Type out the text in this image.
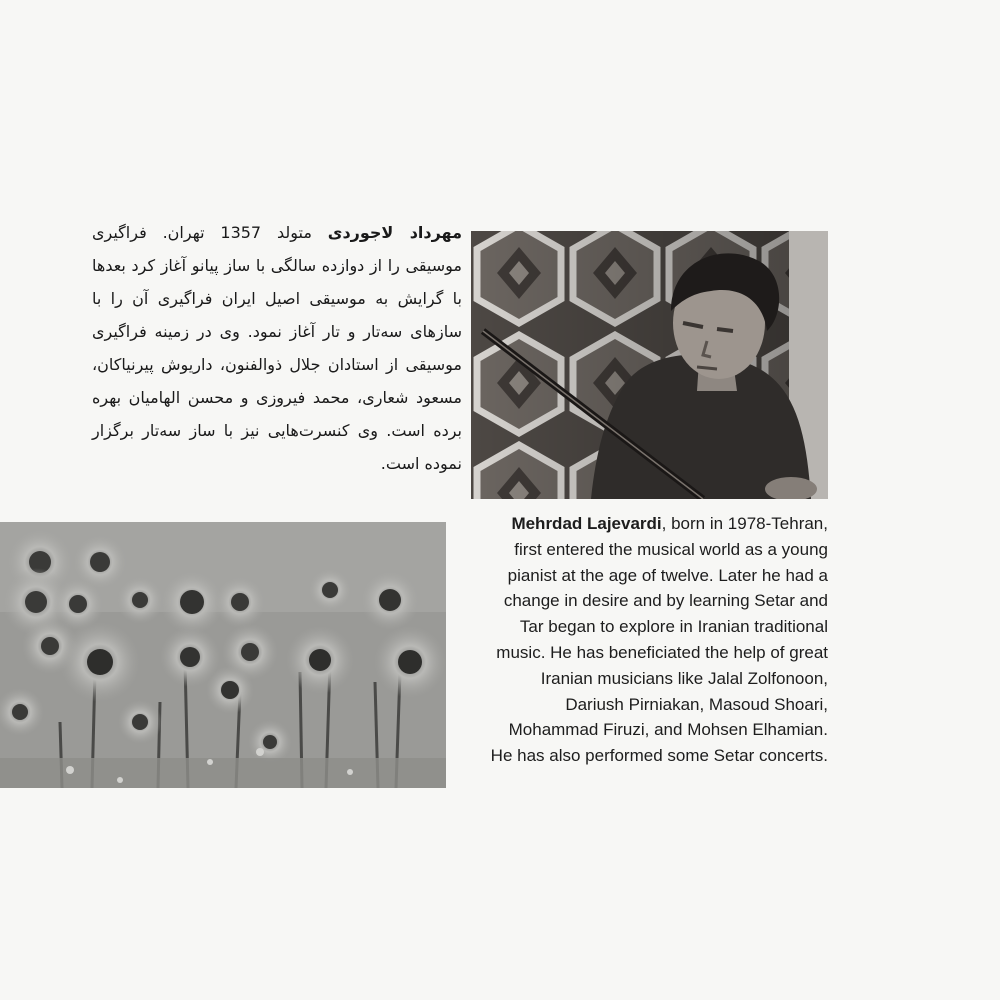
مهرداد لاجوردی متولد 1357 تهران. فراگیری موسیقی را از دوازده سالگی با ساز پیانو آغاز کرد بعدها با گرایش به موسیقی اصیل ایران فراگیری آن را با سازهای سه‌تار و تار آغاز نمود. وی در زمینه فراگیری موسیقی از استادان جلال ذوالفنون، داریوش پیرنیاکان، مسعود شعاری، محمد فیروزی و محسن الهامیان بهره برده است. وی کنسرت‌هایی نیز با ساز سه‌تار برگزار نموده است.
Mehrdad Lajevardi, born in 1978-Tehran, first entered the musical world as a young pianist at the age of twelve. Later he had a change in desire and by learning Setar and Tar began to explore in Iranian traditional music. He has beneficiated the help of great Iranian musicians like Jalal Zolfonoon, Dariush Pirniakan, Masoud Shoari, Mohammad Firuzi, and Mohsen Elhamian. He has also performed some Setar concerts.
